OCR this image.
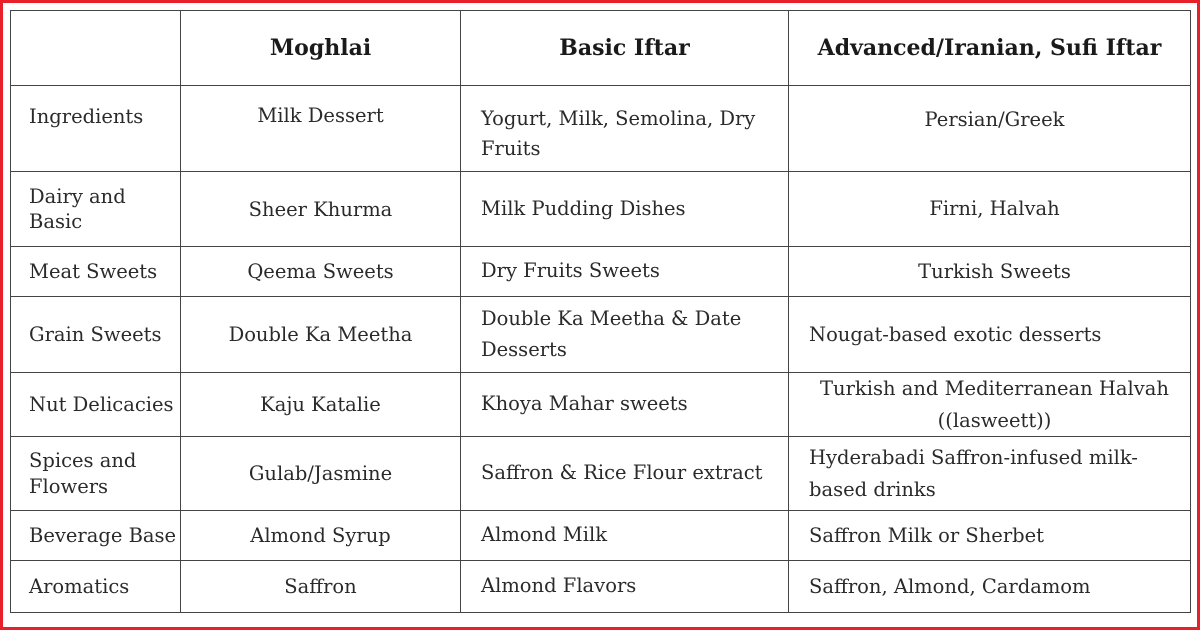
	Moghlai	Basic Iftar	Advanced/Iranian, Sufi Iftar
Ingredients	Milk Dessert	Yogurt, Milk, Semolina, Dry Fruits	Persian/Greek
Dairy and Basic	Sheer Khurma	Milk Pudding Dishes	Firni, Halvah
Meat Sweets	Qeema Sweets	Dry Fruits Sweets	Turkish Sweets
Grain Sweets	Double Ka Meetha	Double Ka Meetha & Date Desserts	Nougat-based exotic desserts
Nut Delicacies	Kaju Katalie	Khoya Mahar sweets	Turkish and Mediterranean Halvah ((lasweett))
Spices and Flowers	Gulab/Jasmine	Saffron & Rice Flour extract	Hyderabadi Saffron-infused milk-based drinks
Beverage Base	Almond Syrup	Almond Milk	Saffron Milk or Sherbet
Aromatics	Saffron	Almond Flavors	Saffron, Almond, Cardamom
